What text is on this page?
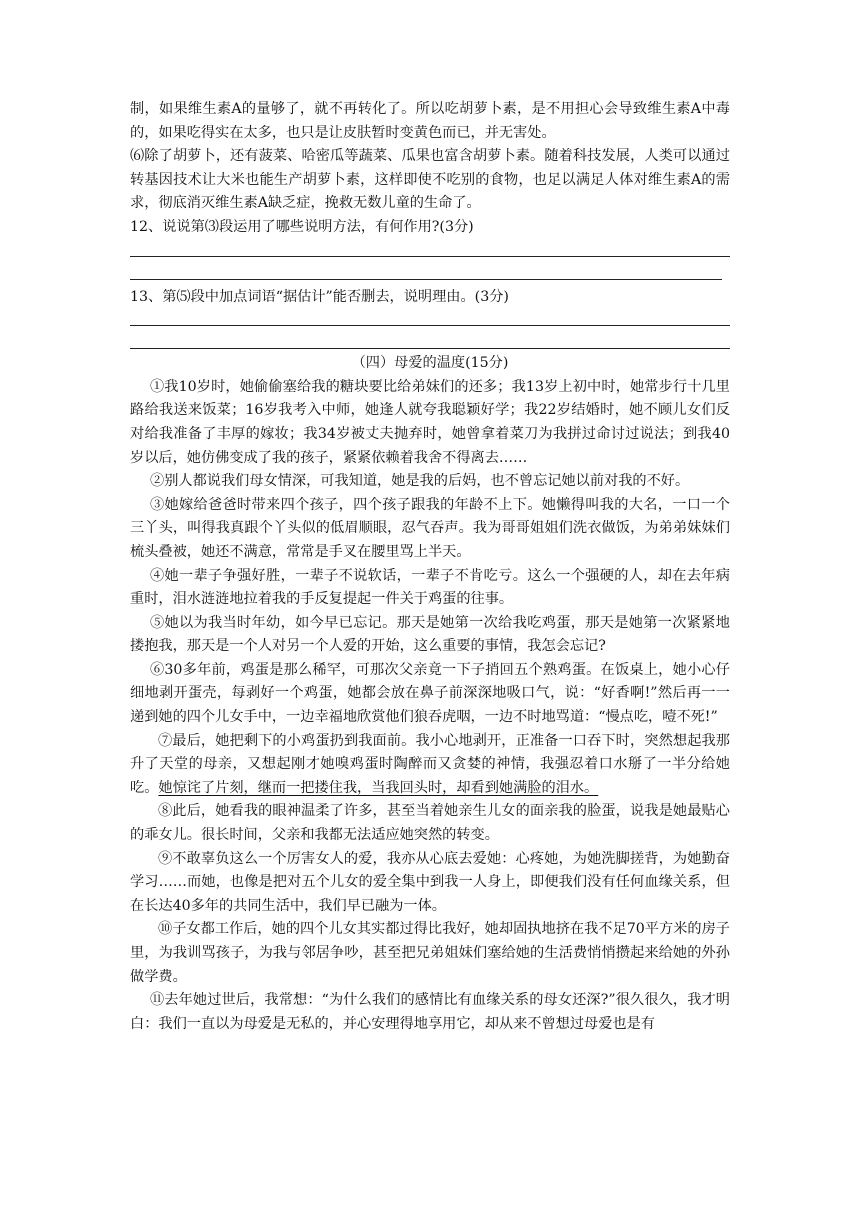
制，如果维生素A的量够了，就不再转化了。所以吃胡萝卜素，是不用担心会导致维生素A中毒的，如果吃得实在太多，也只是让皮肤暂时变黄色而已，并无害处。

⑹除了胡萝卜，还有菠菜、哈密瓜等蔬菜、瓜果也富含胡萝卜素。随着科技发展，人类可以通过转基因技术让大米也能生产胡萝卜素，这样即使不吃别的食物，也足以满足人体对维生素A的需求，彻底消灭维生素A缺乏症，挽救无数儿童的生命了。

12、说说第⑶段运用了哪些说明方法，有何作用?(3分)

13、第⑸段中加点词语“据估计”能否删去，说明理由。(3分)

（四）母爱的温度(15分)

①我10岁时，她偷偷塞给我的糖块要比给弟妹们的还多；我13岁上初中时，她常步行十几里路给我送来饭菜；16岁我考入中师，她逢人就夸我聪颖好学；我22岁结婚时，她不顾儿女们反对给我准备了丰厚的嫁妆；我34岁被丈夫抛弃时，她曾拿着菜刀为我拼过命讨过说法；到我40岁以后，她仿佛变成了我的孩子，紧紧依赖着我舍不得离去……

②别人都说我们母女情深，可我知道，她是我的后妈，也不曾忘记她以前对我的不好。

③她嫁给爸爸时带来四个孩子，四个孩子跟我的年龄不上下。她懒得叫我的大名，一口一个三丫头，叫得我真跟个丫头似的低眉顺眼，忍气吞声。我为哥哥姐姐们洗衣做饭，为弟弟妹妹们梳头叠被，她还不满意，常常是手叉在腰里骂上半天。

④她一辈子争强好胜，一辈子不说软话，一辈子不肯吃亏。这么一个强硬的人，却在去年病重时，泪水涟涟地拉着我的手反复提起一件关于鸡蛋的往事。

⑤她以为我当时年幼，如今早已忘记。那天是她第一次给我吃鸡蛋，那天是她第一次紧紧地搂抱我，那天是一个人对另一个人爱的开始，这么重要的事情，我怎会忘记?

⑥30多年前，鸡蛋是那么稀罕，可那次父亲竟一下子捎回五个熟鸡蛋。在饭桌上，她小心仔细地剥开蛋壳，每剥好一个鸡蛋，她都会放在鼻子前深深地吸口气，说：“好香啊!”然后再一一递到她的四个儿女手中，一边幸福地欣赏他们狼吞虎咽，一边不时地骂道：“慢点吃，噎不死!”

⑦最后，她把剩下的小鸡蛋扔到我面前。我小心地剥开，正准备一口吞下时，突然想起我那升了天堂的母亲，又想起刚才她嗅鸡蛋时陶醉而又贪婪的神情，我强忍着口水掰了一半分给她吃。她惊诧了片刻，继而一把搂住我，当我回头时，却看到她满脸的泪水。

⑧此后，她看我的眼神温柔了许多，甚至当着她亲生儿女的面亲我的脸蛋，说我是她最贴心的乖女儿。很长时间，父亲和我都无法适应她突然的转变。

⑨不敢辜负这么一个厉害女人的爱，我亦从心底去爱她：心疼她，为她洗脚搓背，为她勤奋学习……而她，也像是把对五个儿女的爱全集中到我一人身上，即便我们没有任何血缘关系，但在长达40多年的共同生活中，我们早已融为一体。

⑩子女都工作后，她的四个儿女其实都过得比我好，她却固执地挤在我不足70平方米的房子里，为我训骂孩子，为我与邻居争吵，甚至把兄弟姐妹们塞给她的生活费悄悄攒起来给她的外孙做学费。

⑪去年她过世后，我常想：“为什么我们的感情比有血缘关系的母女还深?”很久很久，我才明白：我们一直以为母爱是无私的，并心安理得地享用它，却从来不曾想过母爱也是有
